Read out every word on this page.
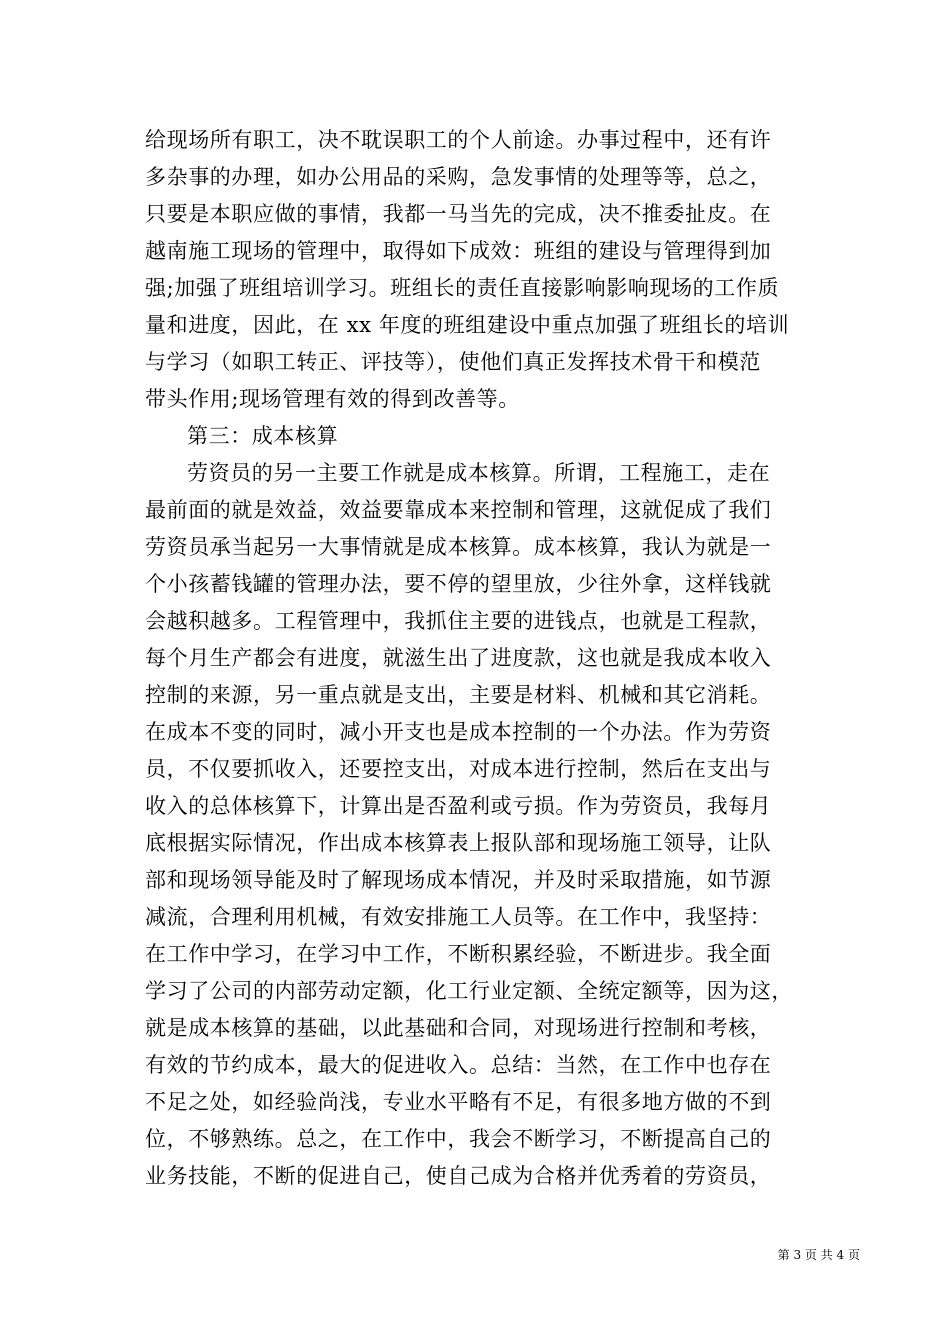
给现场所有职工，决不耽误职工的个人前途。办事过程中，还有许
多杂事的办理，如办公用品的采购，急发事情的处理等等，总之，
只要是本职应做的事情，我都一马当先的完成，决不推委扯皮。在
越南施工现场的管理中，取得如下成效：班组的建设与管理得到加
强;加强了班组培训学习。班组长的责任直接影响影响现场的工作质
量和进度，因此，在 xx 年度的班组建设中重点加强了班组长的培训
与学习（如职工转正、评技等），使他们真正发挥技术骨干和模范
带头作用;现场管理有效的得到改善等。
第三：成本核算
劳资员的另一主要工作就是成本核算。所谓，工程施工，走在
最前面的就是效益，效益要靠成本来控制和管理，这就促成了我们
劳资员承当起另一大事情就是成本核算。成本核算，我认为就是一
个小孩蓄钱罐的管理办法，要不停的望里放，少往外拿，这样钱就
会越积越多。工程管理中，我抓住主要的进钱点，也就是工程款，
每个月生产都会有进度，就滋生出了进度款，这也就是我成本收入
控制的来源，另一重点就是支出，主要是材料、机械和其它消耗。
在成本不变的同时，减小开支也是成本控制的一个办法。作为劳资
员，不仅要抓收入，还要控支出，对成本进行控制，然后在支出与
收入的总体核算下，计算出是否盈利或亏损。作为劳资员，我每月
底根据实际情况，作出成本核算表上报队部和现场施工领导，让队
部和现场领导能及时了解现场成本情况，并及时采取措施，如节源
减流，合理利用机械，有效安排施工人员等。在工作中，我坚持：
在工作中学习，在学习中工作，不断积累经验，不断进步。我全面
学习了公司的内部劳动定额，化工行业定额、全统定额等，因为这，
就是成本核算的基础，以此基础和合同，对现场进行控制和考核，
有效的节约成本，最大的促进收入。总结：当然，在工作中也存在
不足之处，如经验尚浅，专业水平略有不足，有很多地方做的不到
位，不够熟练。总之，在工作中，我会不断学习，不断提高自己的
业务技能，不断的促进自己，使自己成为合格并优秀着的劳资员，
第 3 页 共 4 页
